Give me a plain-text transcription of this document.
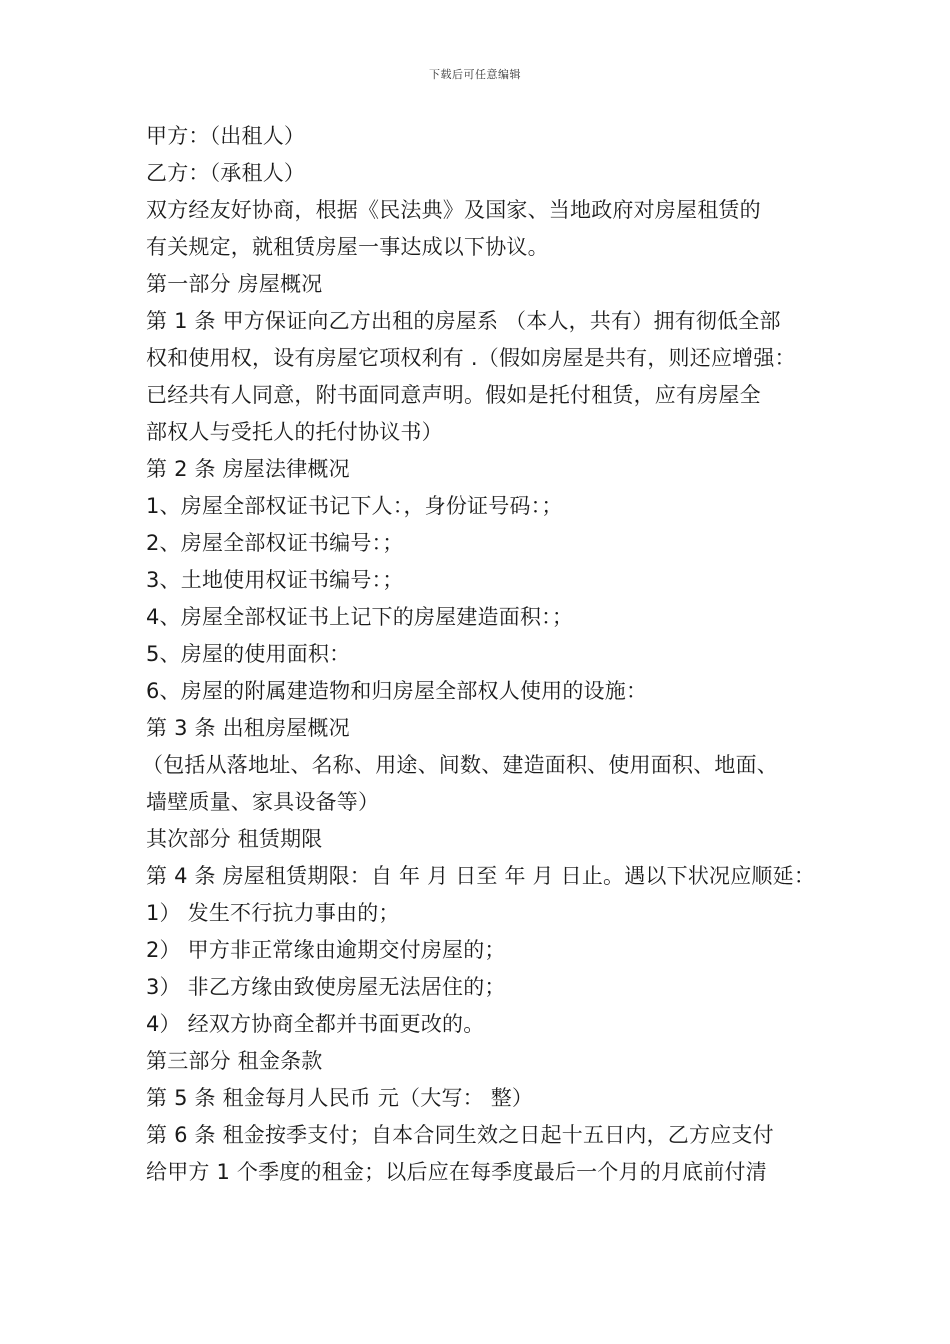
下载后可任意编辑
甲方：（出租人）
乙方：（承租人）
双方经友好协商，根据《民法典》及国家、当地政府对房屋租赁的
有关规定，就租赁房屋一事达成以下协议。
第一部分 房屋概况
第 1 条 甲方保证向乙方出租的房屋系 （本人，共有）拥有彻低全部
权和使用权，设有房屋它项权利有 .（假如房屋是共有，则还应增强：
已经共有人同意，附书面同意声明。假如是托付租赁，应有房屋全
部权人与受托人的托付协议书）
第 2 条 房屋法律概况
1、房屋全部权证书记下人：，身份证号码：；
2、房屋全部权证书编号：；
3、土地使用权证书编号：；
4、房屋全部权证书上记下的房屋建造面积：；
5、房屋的使用面积：
6、房屋的附属建造物和归房屋全部权人使用的设施：
第 3 条 出租房屋概况
（包括从落地址、名称、用途、间数、建造面积、使用面积、地面、
墙壁质量、家具设备等）
其次部分 租赁期限
第 4 条 房屋租赁期限：自 年 月 日至 年 月 日止。遇以下状况应顺延：
1） 发生不行抗力事由的；
2） 甲方非正常缘由逾期交付房屋的；
3） 非乙方缘由致使房屋无法居住的；
4） 经双方协商全都并书面更改的。
第三部分 租金条款
第 5 条 租金每月人民币 元（大写： 整）
第 6 条 租金按季支付；自本合同生效之日起十五日内，乙方应支付
给甲方 1 个季度的租金；以后应在每季度最后一个月的月底前付清
